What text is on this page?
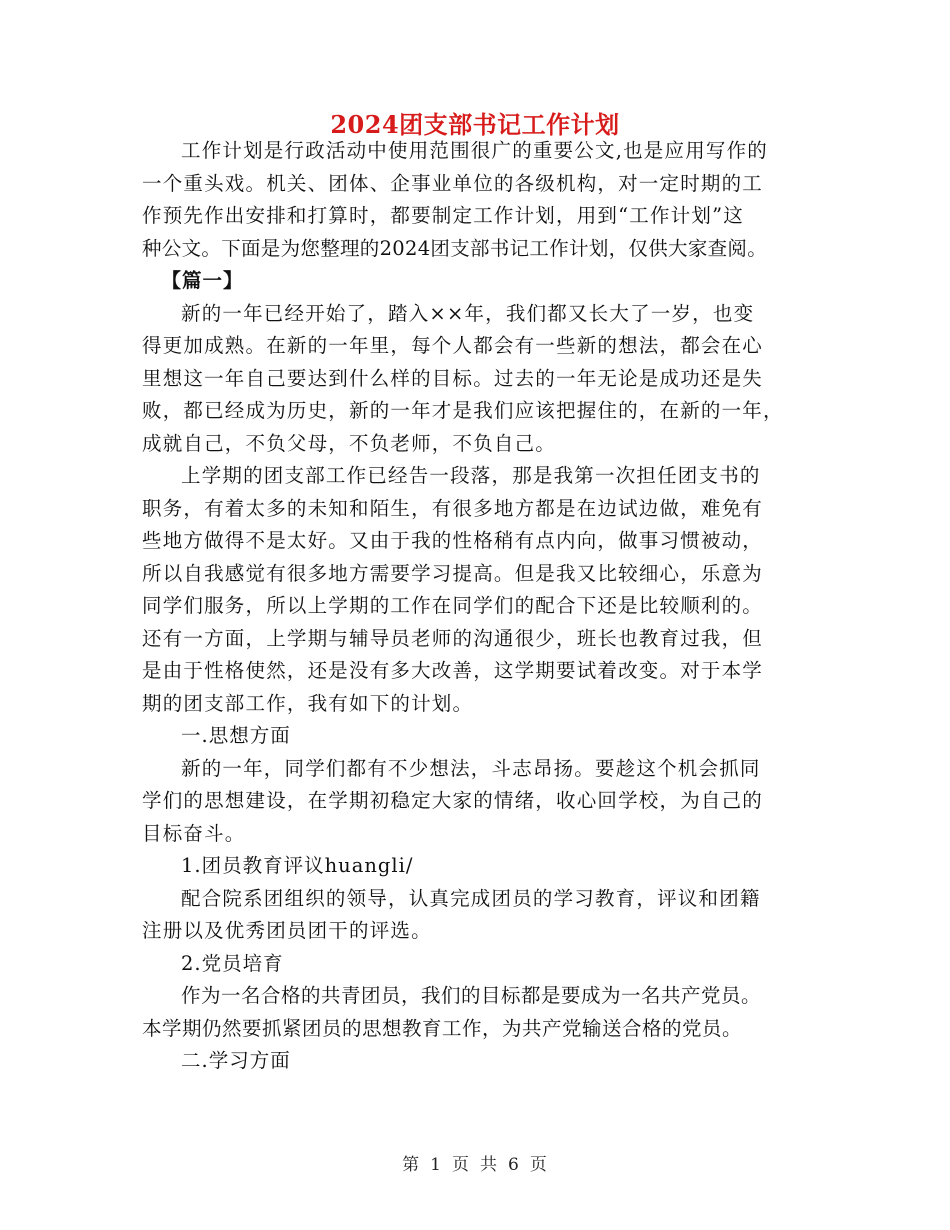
2024团支部书记工作计划

工作计划是行政活动中使用范围很广的重要公文,也是应用写作的
一个重头戏。机关、团体、企事业单位的各级机构，对一定时期的工
作预先作出安排和打算时，都要制定工作计划，用到“工作计划”这
种公文。下面是为您整理的2024团支部书记工作计划，仅供大家查阅。

【篇一】

新的一年已经开始了，踏入××年，我们都又长大了一岁，也变
得更加成熟。在新的一年里，每个人都会有一些新的想法，都会在心
里想这一年自己要达到什么样的目标。过去的一年无论是成功还是失
败，都已经成为历史，新的一年才是我们应该把握住的，在新的一年，
成就自己，不负父母，不负老师，不负自己。

上学期的团支部工作已经告一段落，那是我第一次担任团支书的
职务，有着太多的未知和陌生，有很多地方都是在边试边做，难免有
些地方做得不是太好。又由于我的性格稍有点内向，做事习惯被动，
所以自我感觉有很多地方需要学习提高。但是我又比较细心，乐意为
同学们服务，所以上学期的工作在同学们的配合下还是比较顺利的。
还有一方面，上学期与辅导员老师的沟通很少，班长也教育过我，但
是由于性格使然，还是没有多大改善，这学期要试着改变。对于本学
期的团支部工作，我有如下的计划。

一.思想方面

新的一年，同学们都有不少想法，斗志昂扬。要趁这个机会抓同
学们的思想建设，在学期初稳定大家的情绪，收心回学校，为自己的
目标奋斗。

1.团员教育评议huangli/

配合院系团组织的领导，认真完成团员的学习教育，评议和团籍
注册以及优秀团员团干的评选。

2.党员培育

作为一名合格的共青团员，我们的目标都是要成为一名共产党员。
本学期仍然要抓紧团员的思想教育工作，为共产党输送合格的党员。

二.学习方面

第 1 页 共 6 页
